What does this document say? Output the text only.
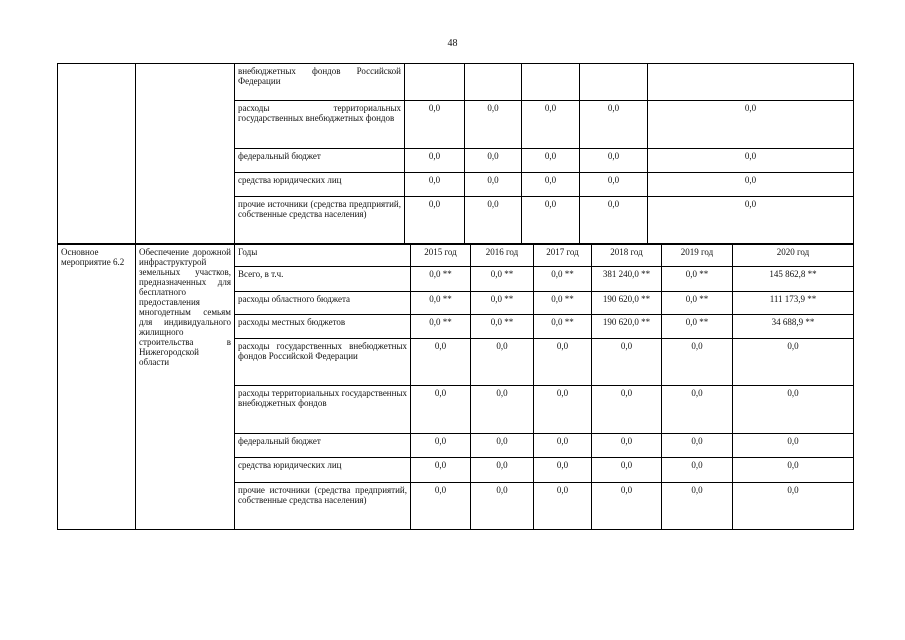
48
		внебюджетных фондов Российской Федерации					
		расходы территориальных государственных внебюджетных фондов	0,0	0,0	0,0	0,0	0,0
		федеральный бюджет	0,0	0,0	0,0	0,0	0,0
		средства юридических лиц	0,0	0,0	0,0	0,0	0,0
		прочие источники (средства предприятий, собственные средства населения)	0,0	0,0	0,0	0,0	0,0
Основное мероприятие 6.2	Обеспечение дорожной инфраструктурой земельных участков, предназначенных для бесплатного предоставления многодетным семьям для индивидуального жилищного строительства в Нижегородской области	Годы	2015 год	2016 год	2017 год	2018 год	2019 год	2020 год
		Всего, в т.ч.	0,0 **	0,0 **	0,0 **	381 240,0 **	0,0 **	145 862,8 **
		расходы областного бюджета	0,0 **	0,0 **	0,0 **	190 620,0 **	0,0 **	111 173,9 **
		расходы местных бюджетов	0,0 **	0,0 **	0,0 **	190 620,0 **	0,0 **	34 688,9 **
		расходы государственных внебюджетных фондов Российской Федерации	0,0	0,0	0,0	0,0	0,0	0,0
		расходы территориальных государственных внебюджетных фондов	0,0	0,0	0,0	0,0	0,0	0,0
		федеральный бюджет	0,0	0,0	0,0	0,0	0,0	0,0
		средства юридических лиц	0,0	0,0	0,0	0,0	0,0	0,0
		прочие источники (средства предприятий, собственные средства населения)	0,0	0,0	0,0	0,0	0,0	0,0
